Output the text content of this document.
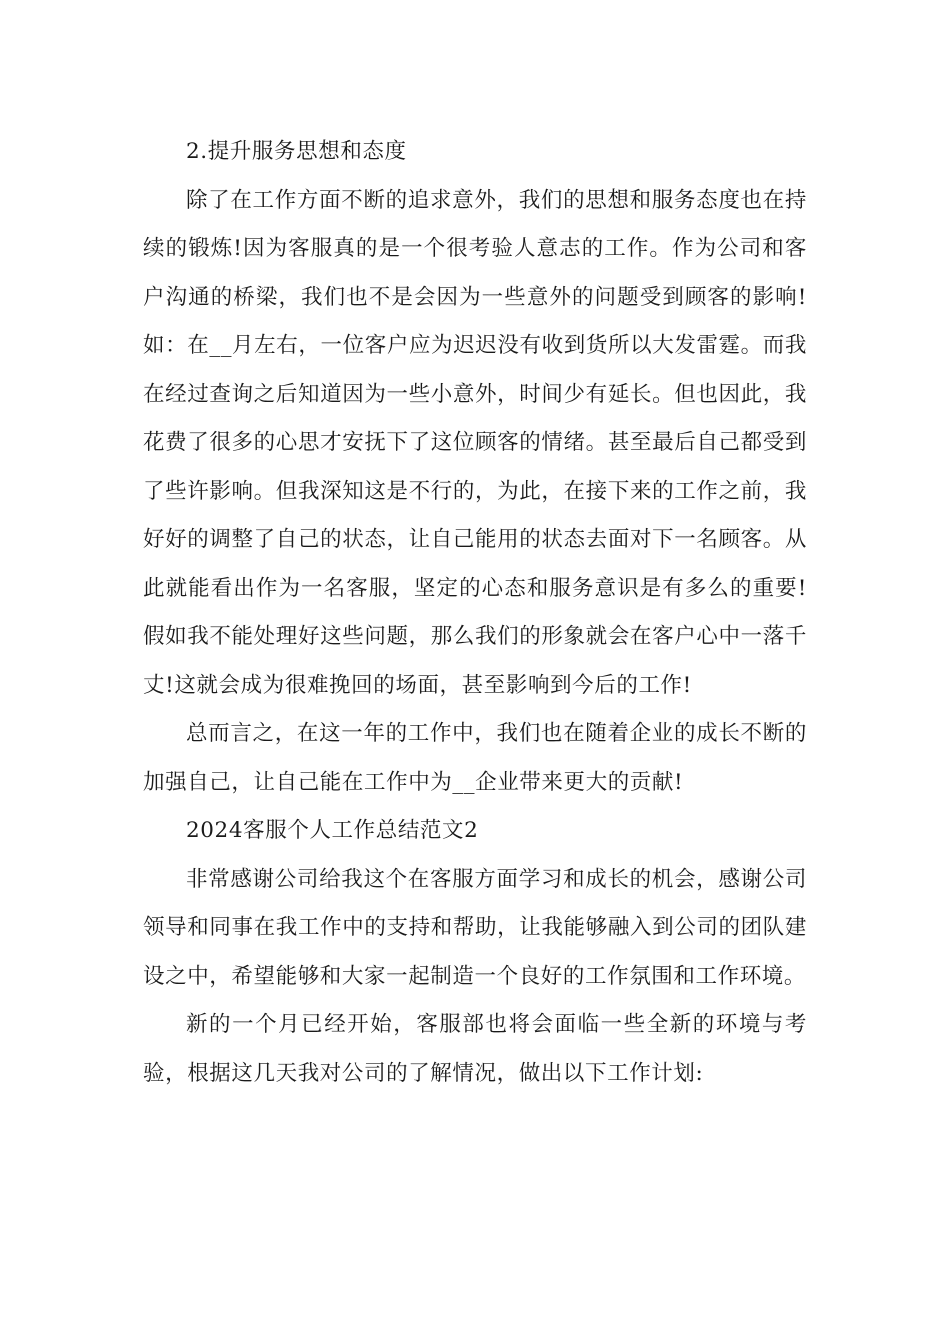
2.提升服务思想和态度

除了在工作方面不断的追求意外，我们的思想和服务态度也在持续的锻炼!因为客服真的是一个很考验人意志的工作。作为公司和客户沟通的桥梁，我们也不是会因为一些意外的问题受到顾客的影响!如：在__月左右，一位客户应为迟迟没有收到货所以大发雷霆。而我在经过查询之后知道因为一些小意外，时间少有延长。但也因此，我花费了很多的心思才安抚下了这位顾客的情绪。甚至最后自己都受到了些许影响。但我深知这是不行的，为此，在接下来的工作之前，我好好的调整了自己的状态，让自己能用的状态去面对下一名顾客。从此就能看出作为一名客服，坚定的心态和服务意识是有多么的重要!假如我不能处理好这些问题，那么我们的形象就会在客户心中一落千丈!这就会成为很难挽回的场面，甚至影响到今后的工作!

总而言之，在这一年的工作中，我们也在随着企业的成长不断的加强自己，让自己能在工作中为__企业带来更大的贡献!

2024客服个人工作总结范文2

非常感谢公司给我这个在客服方面学习和成长的机会，感谢公司领导和同事在我工作中的支持和帮助，让我能够融入到公司的团队建设之中，希望能够和大家一起制造一个良好的工作氛围和工作环境。

新的一个月已经开始，客服部也将会面临一些全新的环境与考验，根据这几天我对公司的了解情况，做出以下工作计划:
